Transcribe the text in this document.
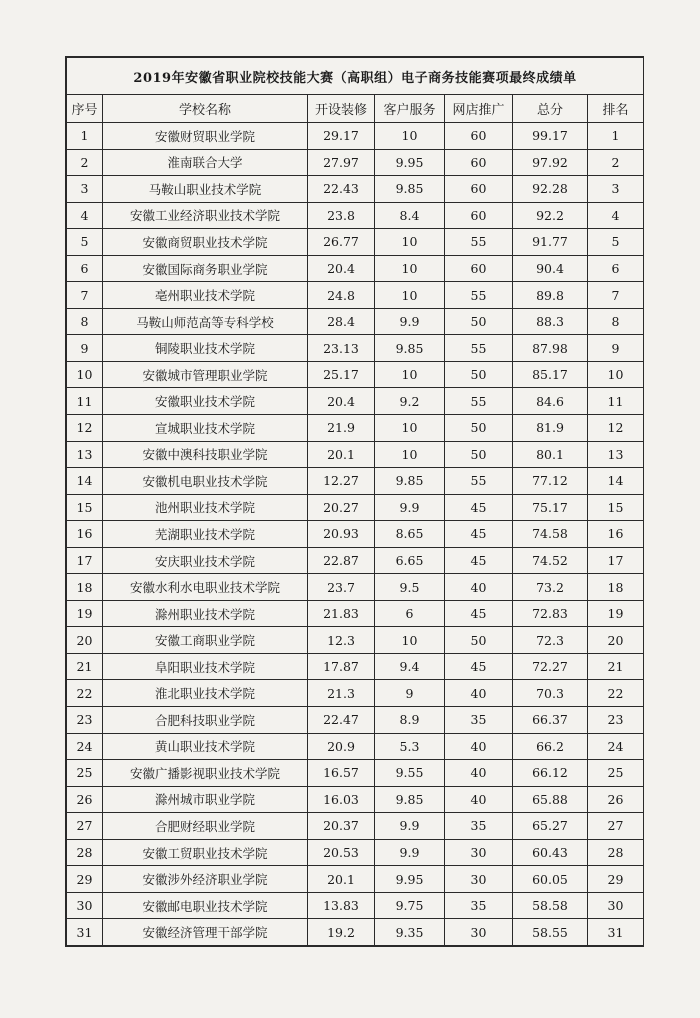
2019年安徽省职业院校技能大赛（高职组）电子商务技能赛项最终成绩单						
序号	学校名称	开设装修	客户服务	网店推广	总分	排名
1	安徽财贸职业学院	29.17	10	60	99.17	1
2	淮南联合大学	27.97	9.95	60	97.92	2
3	马鞍山职业技术学院	22.43	9.85	60	92.28	3
4	安徽工业经济职业技术学院	23.8	8.4	60	92.2	4
5	安徽商贸职业技术学院	26.77	10	55	91.77	5
6	安徽国际商务职业学院	20.4	10	60	90.4	6
7	亳州职业技术学院	24.8	10	55	89.8	7
8	马鞍山师范高等专科学校	28.4	9.9	50	88.3	8
9	铜陵职业技术学院	23.13	9.85	55	87.98	9
10	安徽城市管理职业学院	25.17	10	50	85.17	10
11	安徽职业技术学院	20.4	9.2	55	84.6	11
12	宣城职业技术学院	21.9	10	50	81.9	12
13	安徽中澳科技职业学院	20.1	10	50	80.1	13
14	安徽机电职业技术学院	12.27	9.85	55	77.12	14
15	池州职业技术学院	20.27	9.9	45	75.17	15
16	芜湖职业技术学院	20.93	8.65	45	74.58	16
17	安庆职业技术学院	22.87	6.65	45	74.52	17
18	安徽水利水电职业技术学院	23.7	9.5	40	73.2	18
19	滁州职业技术学院	21.83	6	45	72.83	19
20	安徽工商职业学院	12.3	10	50	72.3	20
21	阜阳职业技术学院	17.87	9.4	45	72.27	21
22	淮北职业技术学院	21.3	9	40	70.3	22
23	合肥科技职业学院	22.47	8.9	35	66.37	23
24	黄山职业技术学院	20.9	5.3	40	66.2	24
25	安徽广播影视职业技术学院	16.57	9.55	40	66.12	25
26	滁州城市职业学院	16.03	9.85	40	65.88	26
27	合肥财经职业学院	20.37	9.9	35	65.27	27
28	安徽工贸职业技术学院	20.53	9.9	30	60.43	28
29	安徽涉外经济职业学院	20.1	9.95	30	60.05	29
30	安徽邮电职业技术学院	13.83	9.75	35	58.58	30
31	安徽经济管理干部学院	19.2	9.35	30	58.55	31
